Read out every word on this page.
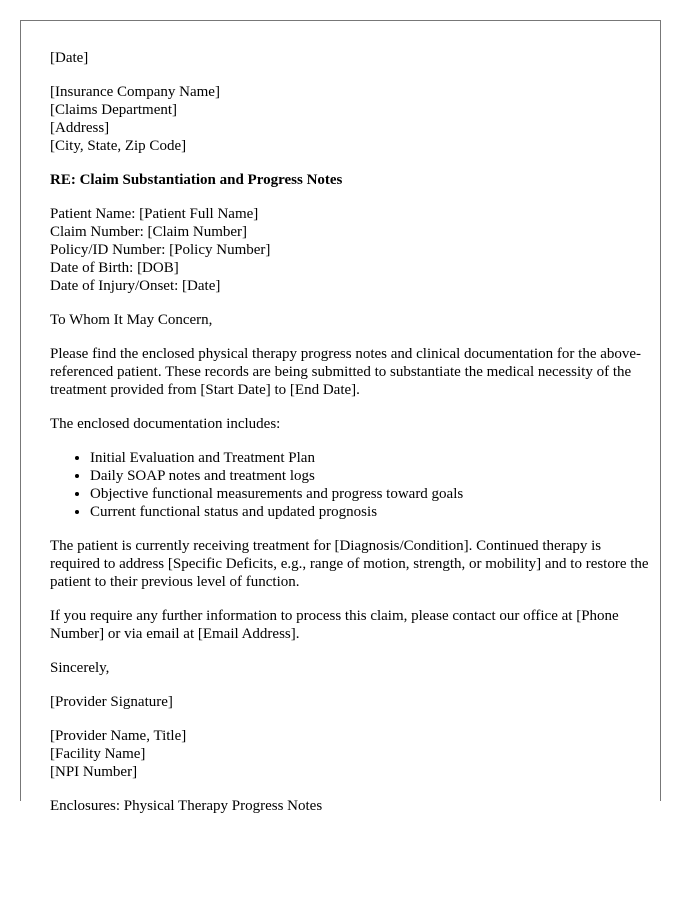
[Date]

[Insurance Company Name]
[Claims Department]
[Address]
[City, State, Zip Code]

RE: Claim Substantiation and Progress Notes

Patient Name: [Patient Full Name]
Claim Number: [Claim Number]
Policy/ID Number: [Policy Number]
Date of Birth: [DOB]
Date of Injury/Onset: [Date]

To Whom It May Concern,

Please find the enclosed physical therapy progress notes and clinical documentation for the above-referenced patient. These records are being submitted to substantiate the medical necessity of the treatment provided from [Start Date] to [End Date].

The enclosed documentation includes:

• Initial Evaluation and Treatment Plan
• Daily SOAP notes and treatment logs
• Objective functional measurements and progress toward goals
• Current functional status and updated prognosis

The patient is currently receiving treatment for [Diagnosis/Condition]. Continued therapy is required to address [Specific Deficits, e.g., range of motion, strength, or mobility] and to restore the patient to their previous level of function.

If you require any further information to process this claim, please contact our office at [Phone Number] or via email at [Email Address].

Sincerely,

[Provider Signature]

[Provider Name, Title]
[Facility Name]
[NPI Number]

Enclosures: Physical Therapy Progress Notes
